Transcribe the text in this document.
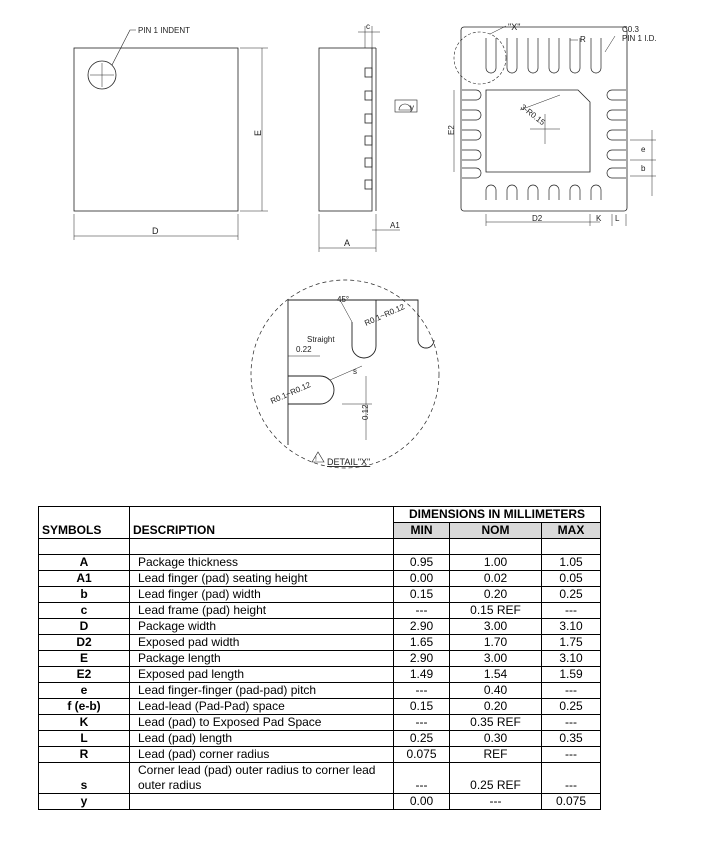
PIN 1 INDENT
D
E
c
y
A1
A
"X"
R
C0.3
PIN 1 I.D.
3-R0.15
E2
D2	K L
e
b
45°
R0.1~R0.12
Straight
0.22
R0.1~R0.12
s
0.12
! DETAIL"X"
		DIMENSIONS IN MILLIMETERS		
SYMBOLS	DESCRIPTION	MIN	NOM	MAX

A	Package thickness	0.95	1.00	1.05
A1	Lead finger (pad) seating height	0.00	0.02	0.05
b	Lead finger (pad) width	0.15	0.20	0.25
c	Lead frame (pad) height	---	0.15 REF	---
D	Package width	2.90	3.00	3.10
D2	Exposed pad width	1.65	1.70	1.75
E	Package length	2.90	3.00	3.10
E2	Exposed pad length	1.49	1.54	1.59
e	Lead finger-finger (pad-pad) pitch	---	0.40	---
f (e-b)	Lead-lead (Pad-Pad) space	0.15	0.20	0.25
K	Lead (pad) to Exposed Pad Space	---	0.35 REF	---
L	Lead (pad) length	0.25	0.30	0.35
R	Lead (pad) corner radius	0.075	REF	---
s	Corner lead (pad) outer radius to corner lead outer radius	---	0.25 REF	---
y		0.00	---	0.075
